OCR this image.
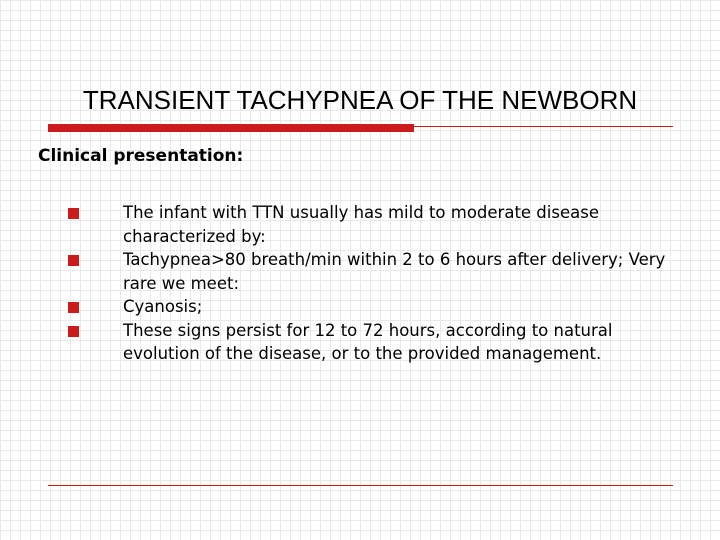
TRANSIENT TACHYPNEA OF THE NEWBORN
Clinical presentation:
The infant with TTN usually has mild to moderate disease characterized by:
Tachypnea>80 breath/min within 2 to 6 hours after delivery; Very rare we meet:
Cyanosis;
These signs persist for 12 to 72 hours, according to natural evolution of the disease, or to the provided management.
